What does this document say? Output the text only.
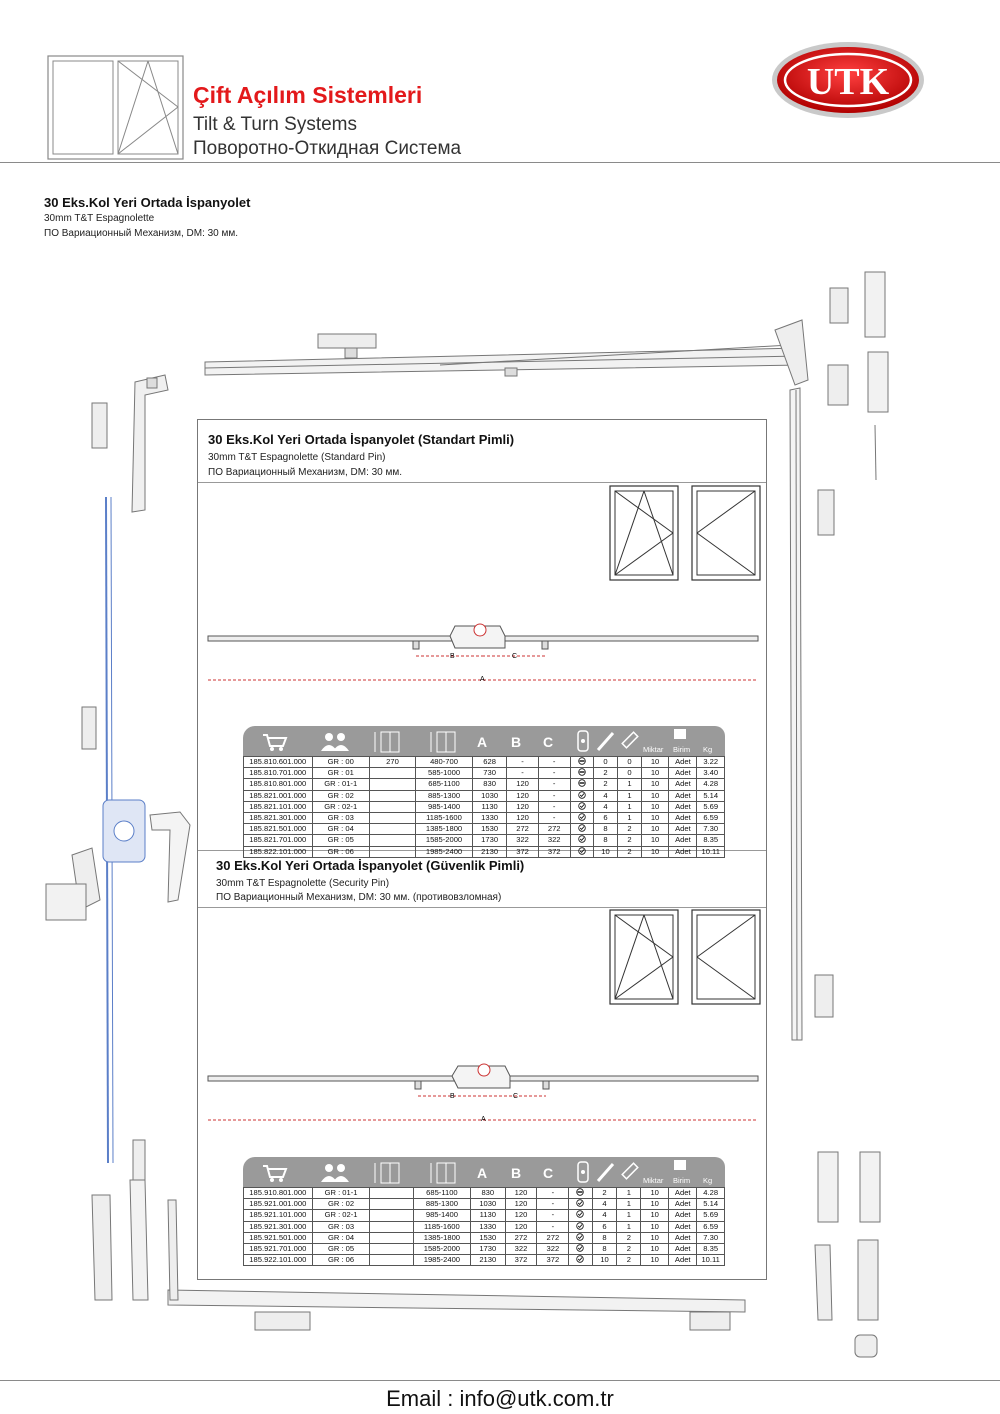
Çift Açılım Sistemleri
Tilt & Turn Systems
Поворотно-Откидная Система
UTK
30 Eks.Kol Yeri Ortada İspanyolet
30mm T&T Espagnolette
ПО Вариационный Механизм, DM: 30 мм.
30 Eks.Kol Yeri Ortada İspanyolet (Standart Pimli)
30mm T&T Espagnolette (Standard Pin)
ПО Вариационный Механизм, DM: 30 мм.
30 Eks.Kol Yeri Ortada İspanyolet (Güvenlik Pimli)
30mm T&T Espagnolette (Security Pin)
ПО Вариационный Механизм, DM: 30 мм. (противовзломная)
B	C
A
A B C	Miktar	Birim	Kg
185.810.601.000	GR : 00	270	480-700	628	-	-		0	0	10	Adet	3.22
185.810.701.000	GR : 01		585-1000	730	-	-		2	0	10	Adet	3.40
185.810.801.000	GR : 01-1		685-1100	830	120	-		2	1	10	Adet	4.28
185.821.001.000	GR : 02		885-1300	1030	120	-		4	1	10	Adet	5.14
185.821.101.000	GR : 02-1		985-1400	1130	120	-		4	1	10	Adet	5.69
185.821.301.000	GR : 03		1185-1600	1330	120	-		6	1	10	Adet	6.59
185.821.501.000	GR : 04		1385-1800	1530	272	272		8	2	10	Adet	7.30
185.821.701.000	GR : 05		1585-2000	1730	322	322		8	2	10	Adet	8.35
185.822.101.000	GR : 06		1985-2400	2130	372	372		10	2	10	Adet	10.11
B	C
A
A B C	Miktar	Birim	Kg
185.910.801.000	GR : 01-1		685-1100	830	120	-		2	1	10	Adet	4.28
185.921.001.000	GR : 02		885-1300	1030	120	-		4	1	10	Adet	5.14
185.921.101.000	GR : 02-1		985-1400	1130	120	-		4	1	10	Adet	5.69
185.921.301.000	GR : 03		1185-1600	1330	120	-		6	1	10	Adet	6.59
185.921.501.000	GR : 04		1385-1800	1530	272	272		8	2	10	Adet	7.30
185.921.701.000	GR : 05		1585-2000	1730	322	322		8	2	10	Adet	8.35
185.922.101.000	GR : 06		1985-2400	2130	372	372		10	2	10	Adet	10.11
Email : info@utk.com.tr
